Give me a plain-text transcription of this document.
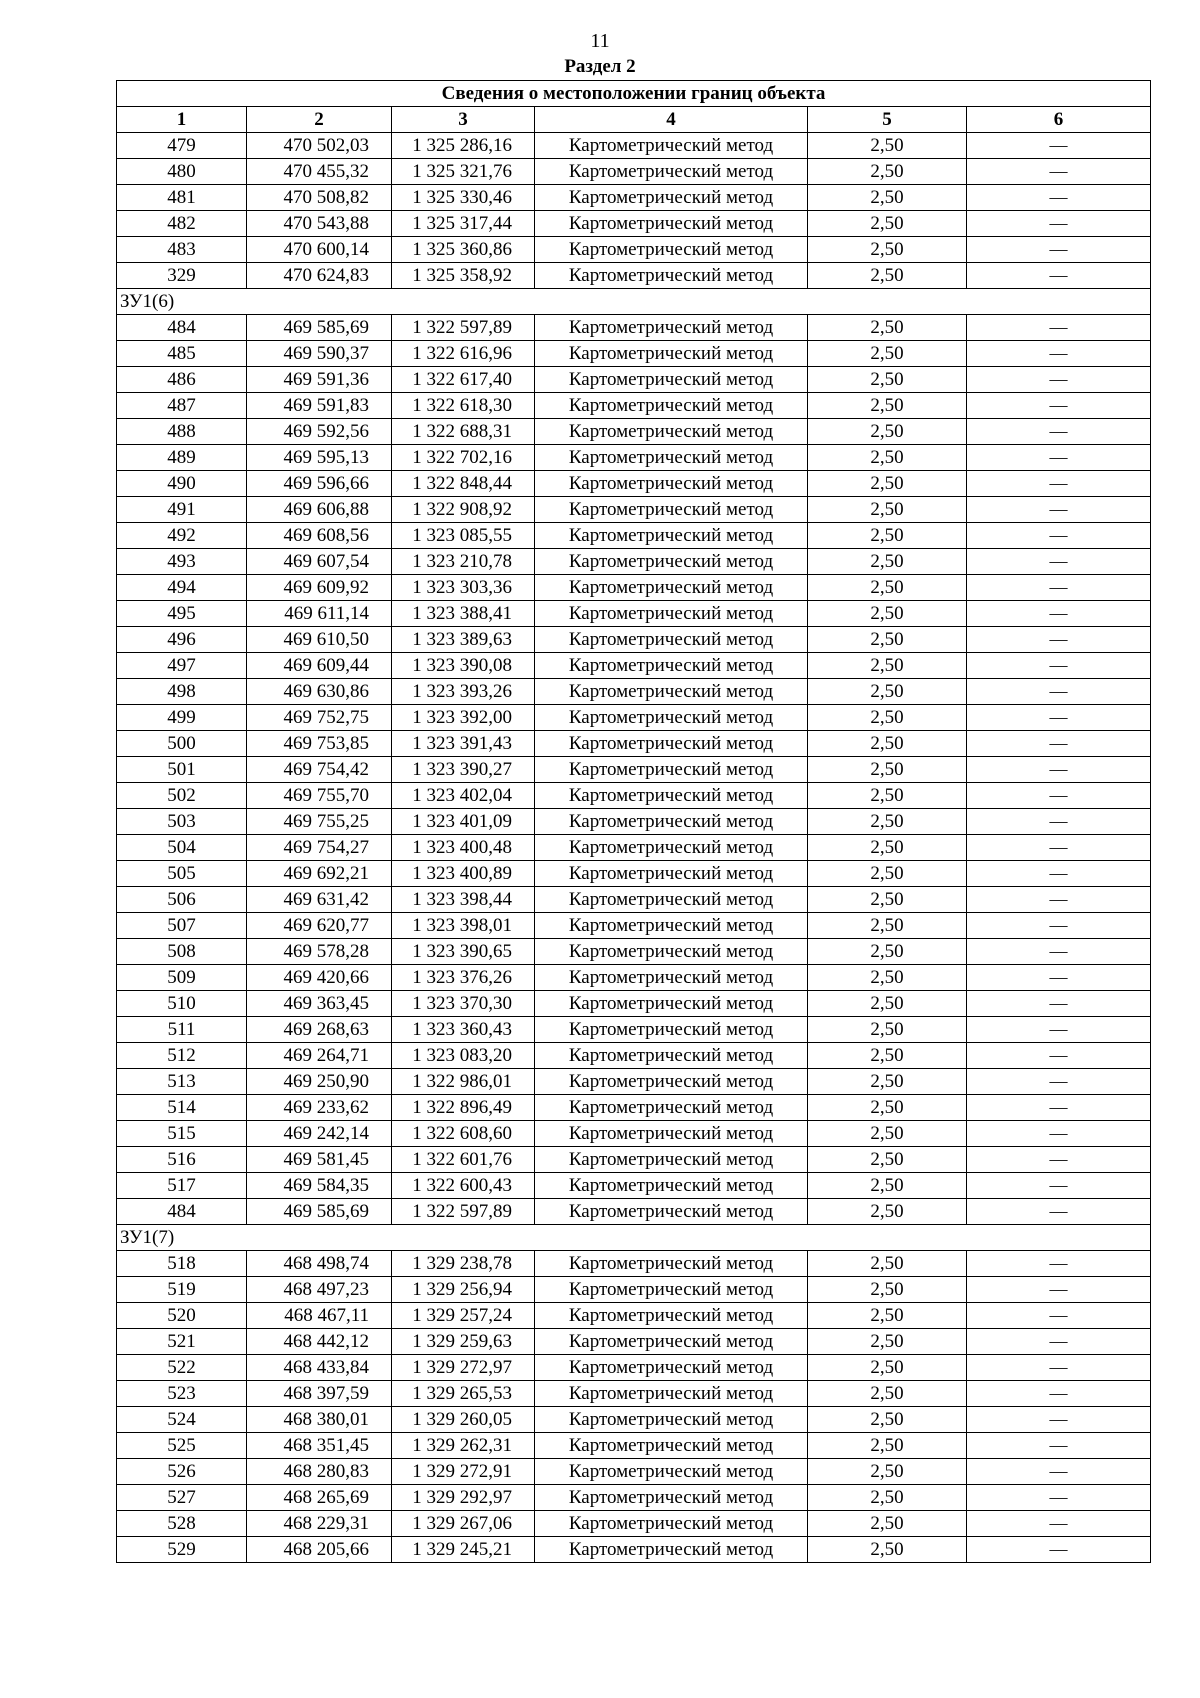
11
Раздел 2
Сведения о местоположении границ объекта					
1	2	3	4	5	6
479	470 502,03	1 325 286,16	Картометрический метод	2,50	—
480	470 455,32	1 325 321,76	Картометрический метод	2,50	—
481	470 508,82	1 325 330,46	Картометрический метод	2,50	—
482	470 543,88	1 325 317,44	Картометрический метод	2,50	—
483	470 600,14	1 325 360,86	Картометрический метод	2,50	—
329	470 624,83	1 325 358,92	Картометрический метод	2,50	—
ЗУ1(6)					
484	469 585,69	1 322 597,89	Картометрический метод	2,50	—
485	469 590,37	1 322 616,96	Картометрический метод	2,50	—
486	469 591,36	1 322 617,40	Картометрический метод	2,50	—
487	469 591,83	1 322 618,30	Картометрический метод	2,50	—
488	469 592,56	1 322 688,31	Картометрический метод	2,50	—
489	469 595,13	1 322 702,16	Картометрический метод	2,50	—
490	469 596,66	1 322 848,44	Картометрический метод	2,50	—
491	469 606,88	1 322 908,92	Картометрический метод	2,50	—
492	469 608,56	1 323 085,55	Картометрический метод	2,50	—
493	469 607,54	1 323 210,78	Картометрический метод	2,50	—
494	469 609,92	1 323 303,36	Картометрический метод	2,50	—
495	469 611,14	1 323 388,41	Картометрический метод	2,50	—
496	469 610,50	1 323 389,63	Картометрический метод	2,50	—
497	469 609,44	1 323 390,08	Картометрический метод	2,50	—
498	469 630,86	1 323 393,26	Картометрический метод	2,50	—
499	469 752,75	1 323 392,00	Картометрический метод	2,50	—
500	469 753,85	1 323 391,43	Картометрический метод	2,50	—
501	469 754,42	1 323 390,27	Картометрический метод	2,50	—
502	469 755,70	1 323 402,04	Картометрический метод	2,50	—
503	469 755,25	1 323 401,09	Картометрический метод	2,50	—
504	469 754,27	1 323 400,48	Картометрический метод	2,50	—
505	469 692,21	1 323 400,89	Картометрический метод	2,50	—
506	469 631,42	1 323 398,44	Картометрический метод	2,50	—
507	469 620,77	1 323 398,01	Картометрический метод	2,50	—
508	469 578,28	1 323 390,65	Картометрический метод	2,50	—
509	469 420,66	1 323 376,26	Картометрический метод	2,50	—
510	469 363,45	1 323 370,30	Картометрический метод	2,50	—
511	469 268,63	1 323 360,43	Картометрический метод	2,50	—
512	469 264,71	1 323 083,20	Картометрический метод	2,50	—
513	469 250,90	1 322 986,01	Картометрический метод	2,50	—
514	469 233,62	1 322 896,49	Картометрический метод	2,50	—
515	469 242,14	1 322 608,60	Картометрический метод	2,50	—
516	469 581,45	1 322 601,76	Картометрический метод	2,50	—
517	469 584,35	1 322 600,43	Картометрический метод	2,50	—
484	469 585,69	1 322 597,89	Картометрический метод	2,50	—
ЗУ1(7)					
518	468 498,74	1 329 238,78	Картометрический метод	2,50	—
519	468 497,23	1 329 256,94	Картометрический метод	2,50	—
520	468 467,11	1 329 257,24	Картометрический метод	2,50	—
521	468 442,12	1 329 259,63	Картометрический метод	2,50	—
522	468 433,84	1 329 272,97	Картометрический метод	2,50	—
523	468 397,59	1 329 265,53	Картометрический метод	2,50	—
524	468 380,01	1 329 260,05	Картометрический метод	2,50	—
525	468 351,45	1 329 262,31	Картометрический метод	2,50	—
526	468 280,83	1 329 272,91	Картометрический метод	2,50	—
527	468 265,69	1 329 292,97	Картометрический метод	2,50	—
528	468 229,31	1 329 267,06	Картометрический метод	2,50	—
529	468 205,66	1 329 245,21	Картометрический метод	2,50	—
